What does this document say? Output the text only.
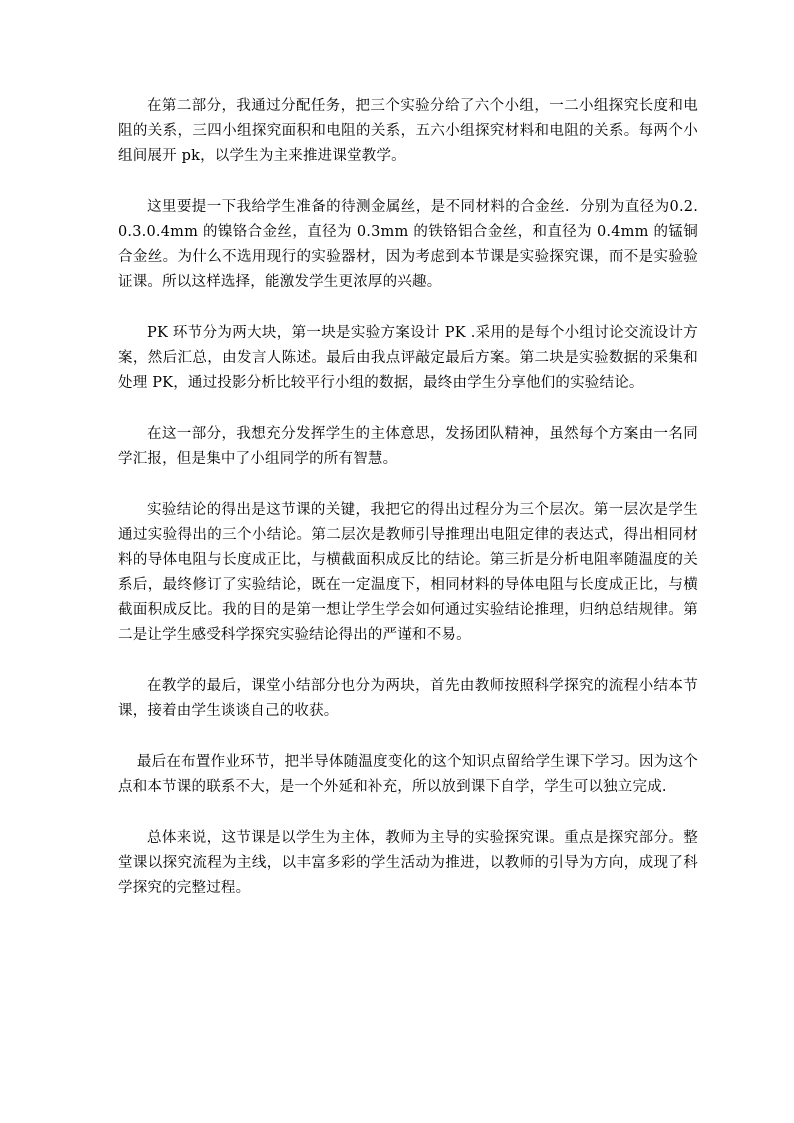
在第二部分，我通过分配任务，把三个实验分给了六个小组，一二小组探究长度和电阻的关系，三四小组探究面积和电阻的关系，五六小组探究材料和电阻的关系。每两个小组间展开 pk，以学生为主来推进课堂教学。

这里要提一下我给学生准备的待测金属丝，是不同材料的合金丝．分别为直径为0.2.0.3.0.4mm 的镍铬合金丝，直径为 0.3mm 的铁铬铝合金丝，和直径为 0.4mm 的锰铜合金丝。为什么不选用现行的实验器材，因为考虑到本节课是实验探究课，而不是实验验证课。所以这样选择，能激发学生更浓厚的兴趣。

PK 环节分为两大块，第一块是实验方案设计 PK .采用的是每个小组讨论交流设计方案，然后汇总，由发言人陈述。最后由我点评敲定最后方案。第二块是实验数据的采集和处理 PK，通过投影分析比较平行小组的数据，最终由学生分享他们的实验结论。

在这一部分，我想充分发挥学生的主体意思，发扬团队精神，虽然每个方案由一名同学汇报，但是集中了小组同学的所有智慧。

实验结论的得出是这节课的关键，我把它的得出过程分为三个层次。第一层次是学生通过实验得出的三个小结论。第二层次是教师引导推理出电阻定律的表达式，得出相同材料的导体电阻与长度成正比，与横截面积成反比的结论。第三折是分析电阻率随温度的关系后，最终修订了实验结论，既在一定温度下，相同材料的导体电阻与长度成正比，与横截面积成反比。我的目的是第一想让学生学会如何通过实验结论推理，归纳总结规律。第二是让学生感受科学探究实验结论得出的严谨和不易。

在教学的最后，课堂小结部分也分为两块，首先由教师按照科学探究的流程小结本节课，接着由学生谈谈自己的收获。

最后在布置作业环节，把半导体随温度变化的这个知识点留给学生课下学习。因为这个点和本节课的联系不大，是一个外延和补充，所以放到课下自学，学生可以独立完成.

总体来说，这节课是以学生为主体，教师为主导的实验探究课。重点是探究部分。整堂课以探究流程为主线，以丰富多彩的学生活动为推进，以教师的引导为方向，成现了科学探究的完整过程。
